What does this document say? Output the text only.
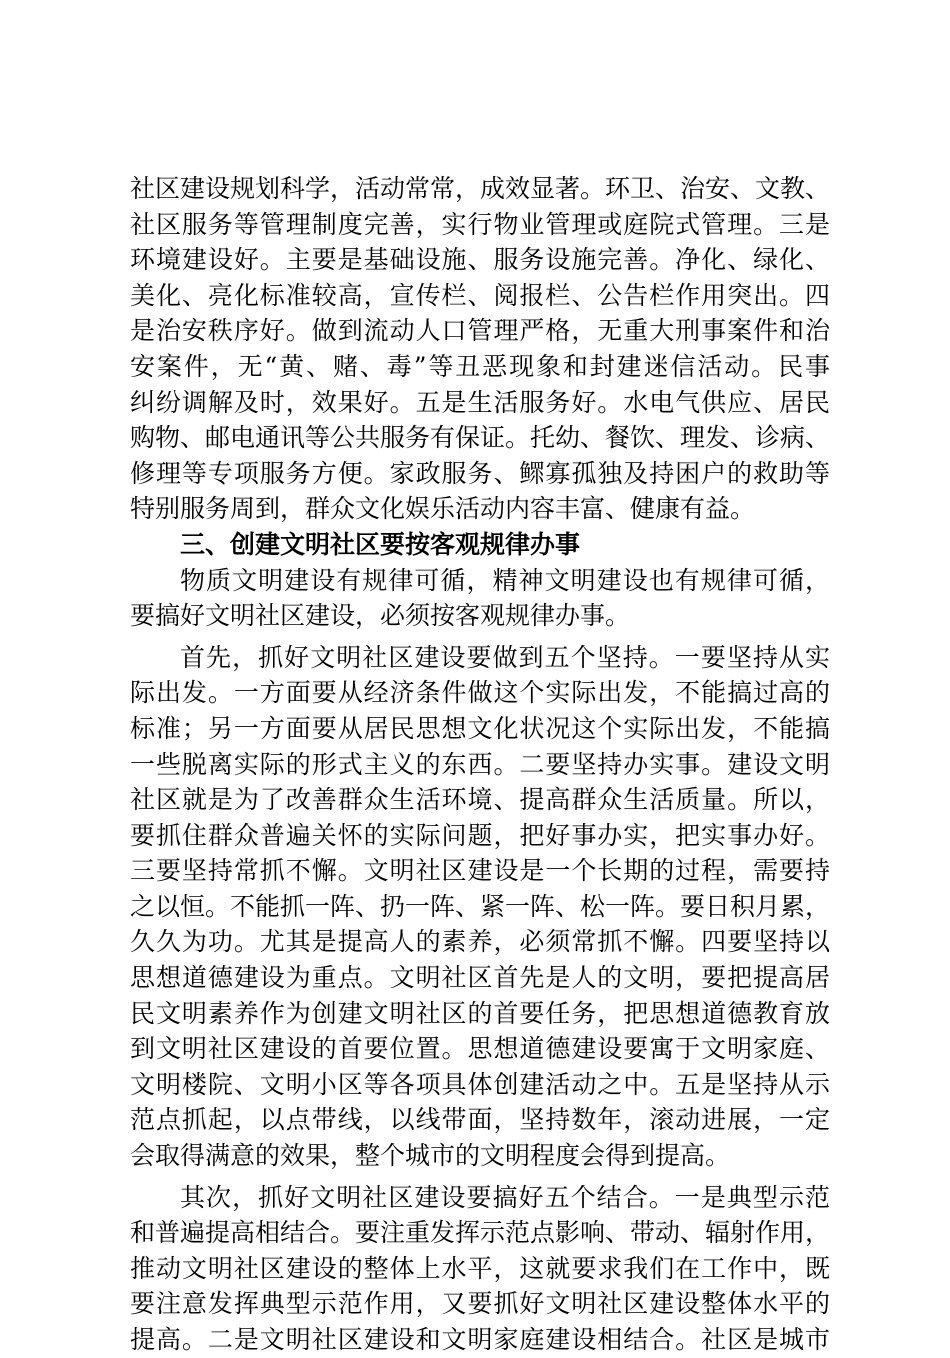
社区建设规划科学，活动常常，成效显著。环卫、治安、文教、
社区服务等管理制度完善，实行物业管理或庭院式管理。三是
环境建设好。主要是基础设施、服务设施完善。净化、绿化、
美化、亮化标准较高，宣传栏、阅报栏、公告栏作用突出。四
是治安秩序好。做到流动人口管理严格，无重大刑事案件和治
安案件，无“黄、赌、毒”等丑恶现象和封建迷信活动。民事
纠纷调解及时，效果好。五是生活服务好。水电气供应、居民
购物、邮电通讯等公共服务有保证。托幼、餐饮、理发、诊病、
修理等专项服务方便。家政服务、鳏寡孤独及持困户的救助等
特别服务周到，群众文化娱乐活动内容丰富、健康有益。
三、创建文明社区要按客观规律办事
物质文明建设有规律可循，精神文明建设也有规律可循，
要搞好文明社区建设，必须按客观规律办事。
首先，抓好文明社区建设要做到五个坚持。一要坚持从实
际出发。一方面要从经济条件做这个实际出发，不能搞过高的
标准；另一方面要从居民思想文化状况这个实际出发，不能搞
一些脱离实际的形式主义的东西。二要坚持办实事。建设文明
社区就是为了改善群众生活环境、提高群众生活质量。所以，
要抓住群众普遍关怀的实际问题，把好事办实，把实事办好。
三要坚持常抓不懈。文明社区建设是一个长期的过程，需要持
之以恒。不能抓一阵、扔一阵、紧一阵、松一阵。要日积月累，
久久为功。尤其是提高人的素养，必须常抓不懈。四要坚持以
思想道德建设为重点。文明社区首先是人的文明，要把提高居
民文明素养作为创建文明社区的首要任务，把思想道德教育放
到文明社区建设的首要位置。思想道德建设要寓于文明家庭、
文明楼院、文明小区等各项具体创建活动之中。五是坚持从示
范点抓起，以点带线，以线带面，坚持数年，滚动进展，一定
会取得满意的效果，整个城市的文明程度会得到提高。
其次，抓好文明社区建设要搞好五个结合。一是典型示范
和普遍提高相结合。要注重发挥示范点影响、带动、辐射作用，
推动文明社区建设的整体上水平，这就要求我们在工作中，既
要注意发挥典型示范作用，又要抓好文明社区建设整体水平的
提高。二是文明社区建设和文明家庭建设相结合。社区是城市
